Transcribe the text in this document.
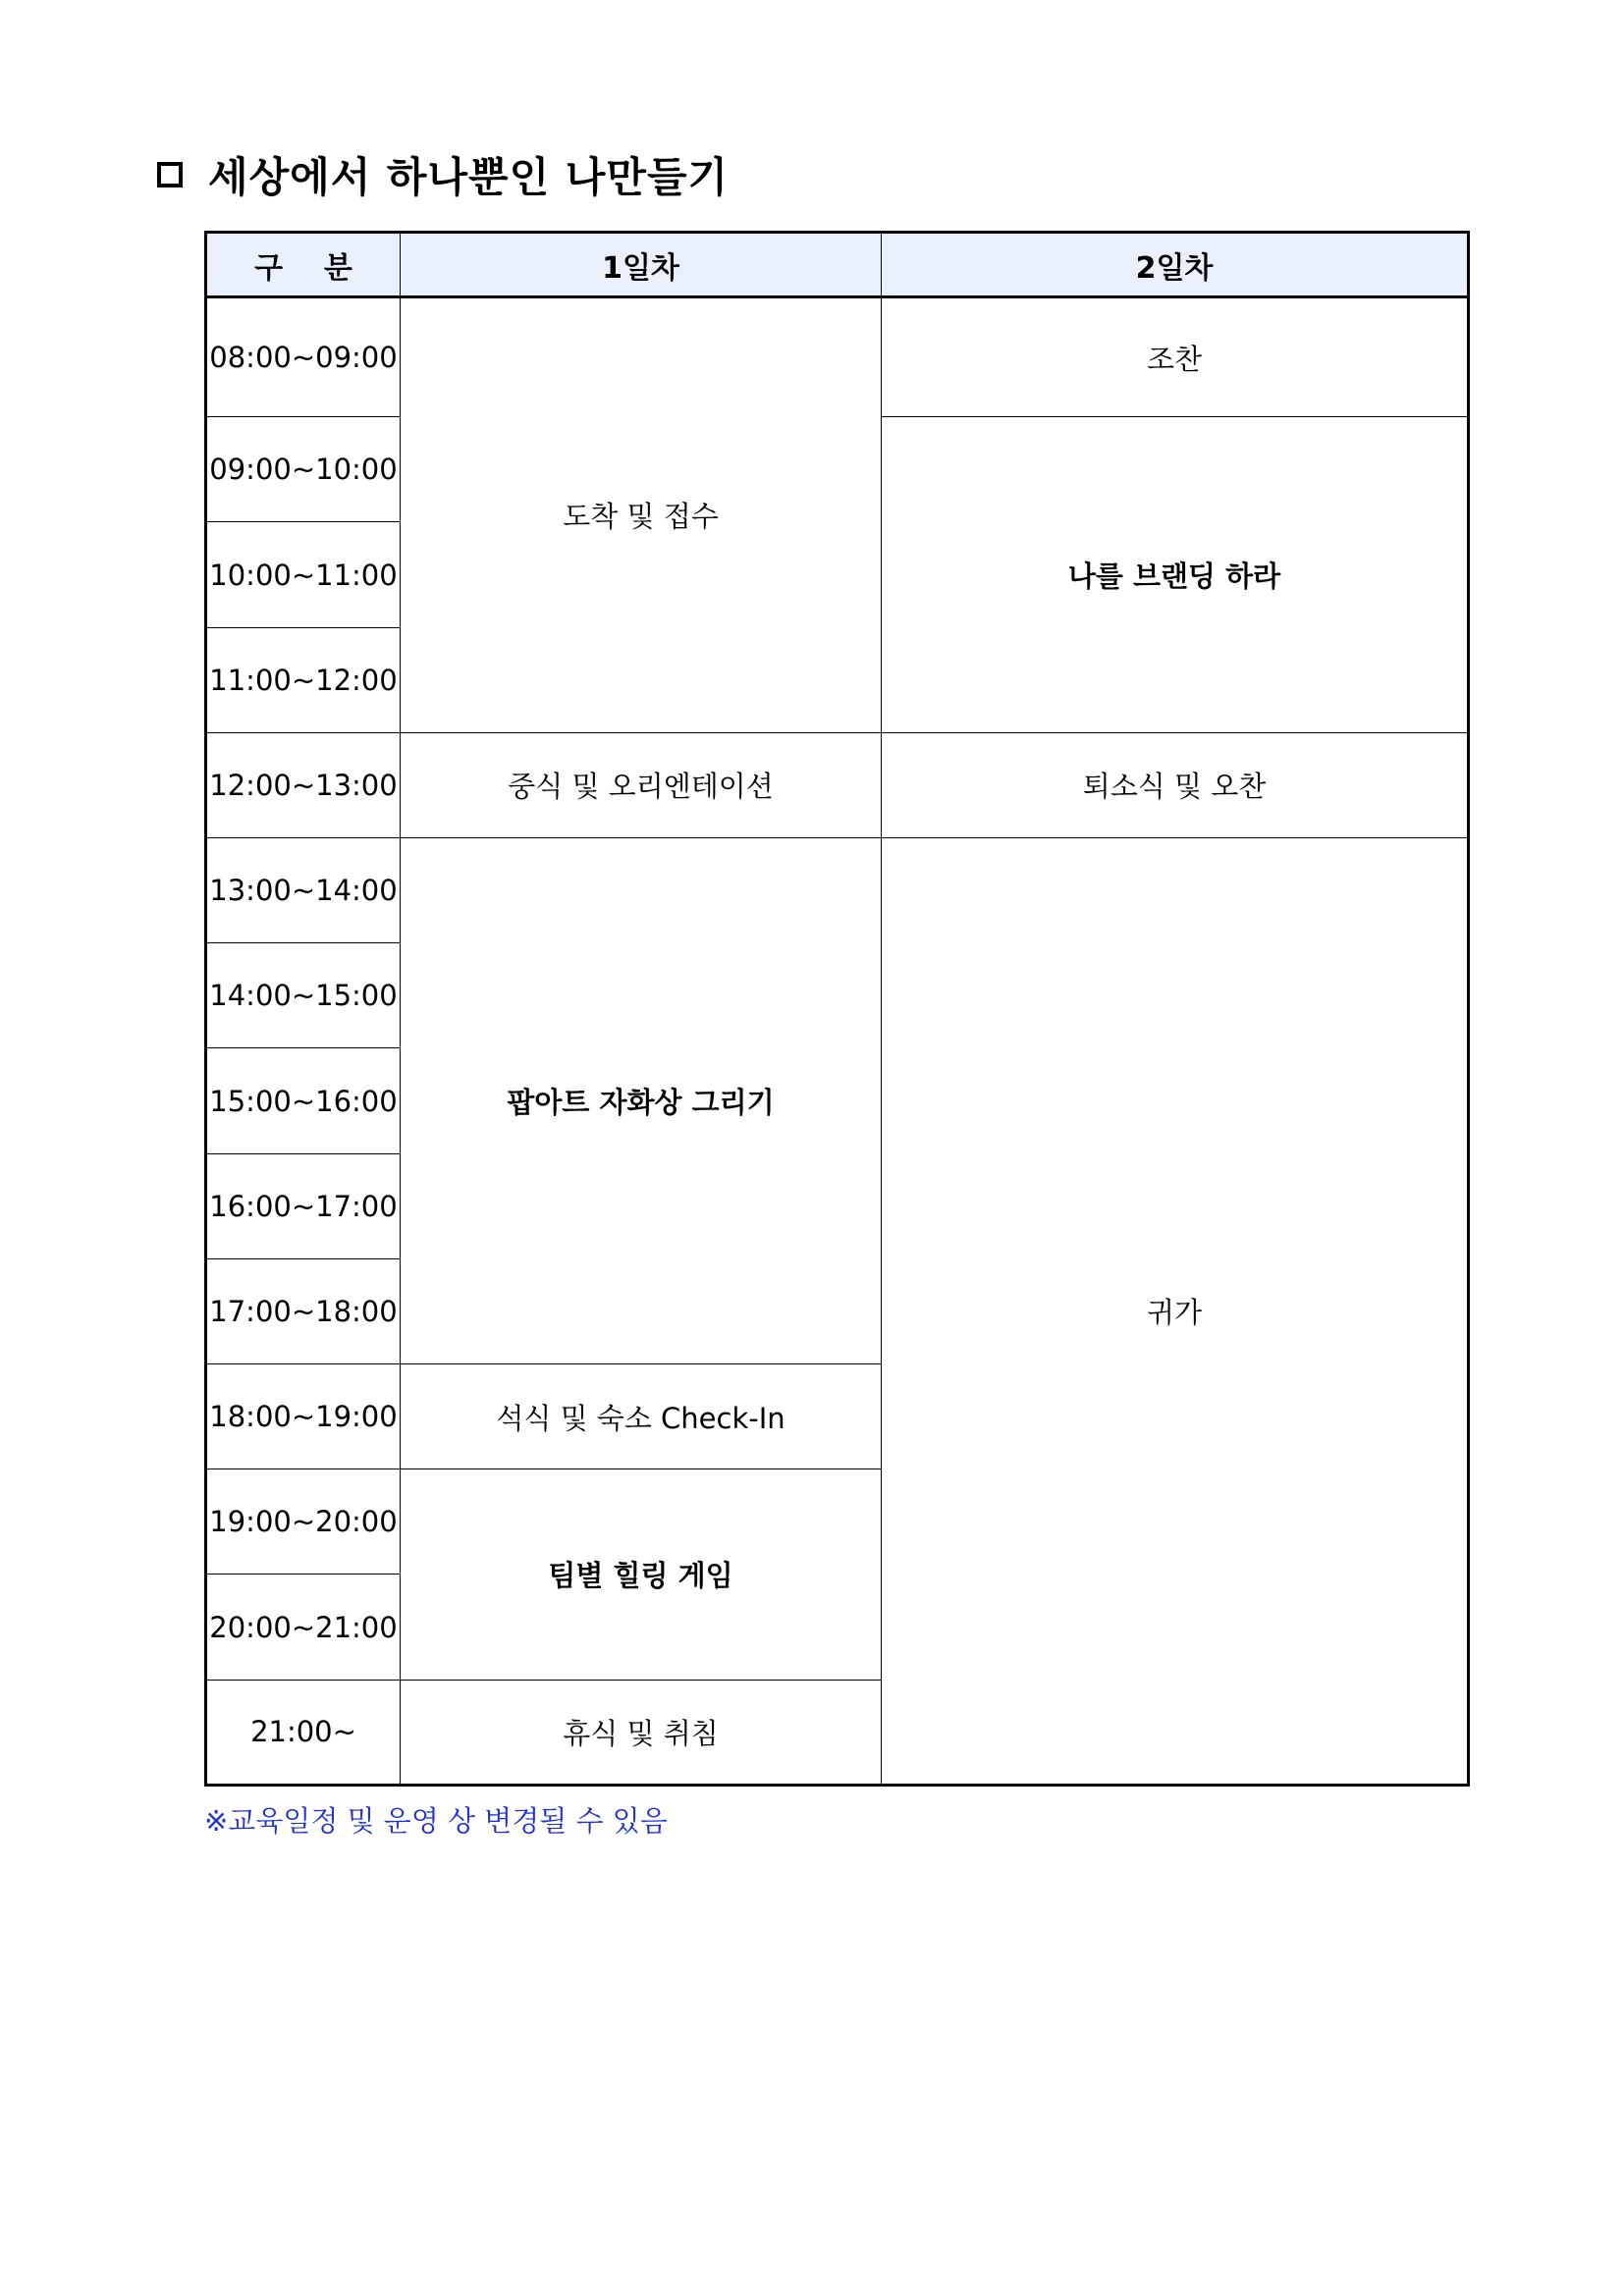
세상에서 하나뿐인 나만들기
구    분	1일차	2일차
08:00~09:00	도착 및 접수	조찬
09:00~10:00		나를 브랜딩 하라
10:00~11:00		
11:00~12:00		
12:00~13:00	중식 및 오리엔테이션	퇴소식 및 오찬
13:00~14:00	팝아트 자화상 그리기	귀가
14:00~15:00		
15:00~16:00		
16:00~17:00		
17:00~18:00		
18:00~19:00	석식 및 숙소 Check-In	
19:00~20:00	팀별 힐링 게임	
20:00~21:00		
21:00~	휴식 및 취침	
※교육일정 및 운영 상 변경될 수 있음
